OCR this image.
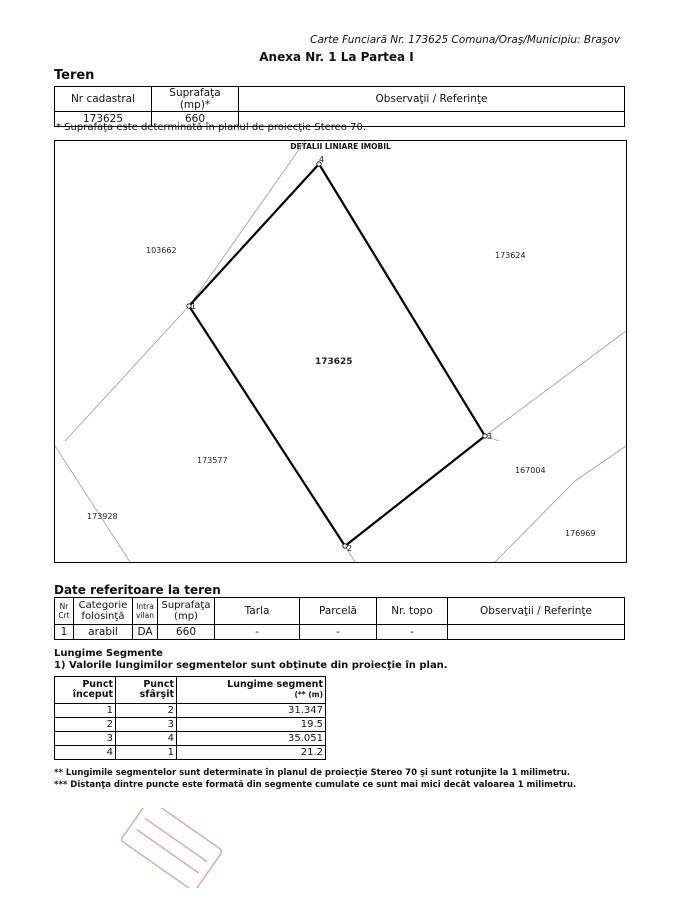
Carte Funciară Nr. 173625 Comuna/Oraş/Municipiu: Braşov
Anexa Nr. 1 La Partea I
Teren
Nr cadastral	Suprafaţa (mp)*	Observaţii / Referinţe
173625	660	
* Suprafaţa este determinată în planul de proiecţie Stereo 70.
DETALII LINIARE IMOBIL
1
2
3
4
173625
103662
173624
173577
167004
173928
176969
Date referitoare la teren
Nr Crt	Categorie folosinţă	Intra vilan	Suprafaţa (mp)	Tarla	Parcelă	Nr. topo	Observaţii / Referinţe
1	arabil	DA	660	-	-	-	
Lungime Segmente
1) Valorile lungimilor segmentelor sunt obţinute din proiecţie în plan.
Punct început	Punct sfârşit	Lungime segment
(** (m)

1	2	31.347
2	3	19.5
3	4	35.051
4	1	21.2
** Lungimile segmentelor sunt determinate în planul de proiecţie Stereo 70 şi sunt rotunjite la 1 milimetru.
*** Distanţa dintre puncte este formată din segmente cumulate ce sunt mai mici decât valoarea 1 milimetru.
